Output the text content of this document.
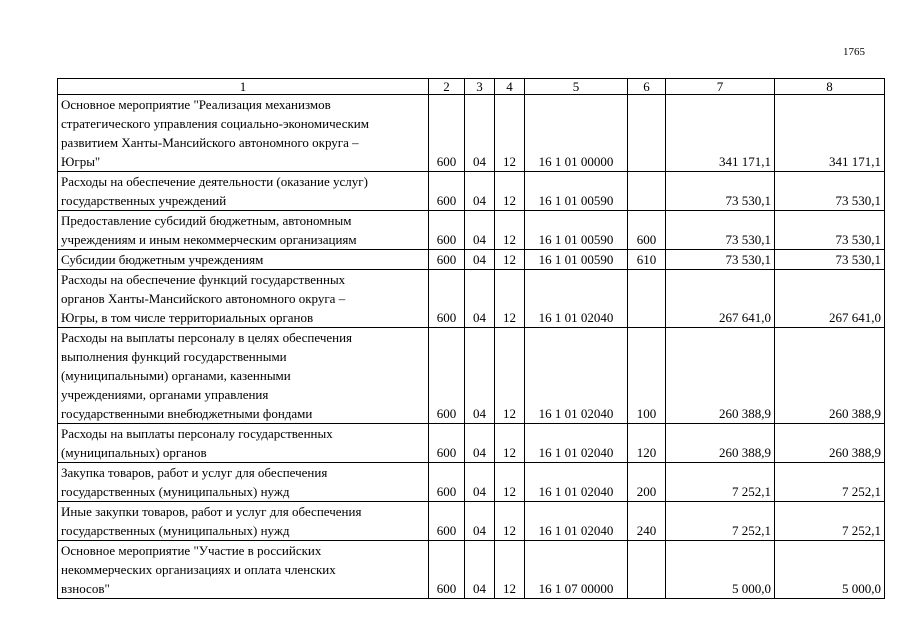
1765
1	2	3	4	5	6	7	8
Основное мероприятие "Реализация механизмов
стратегического управления социально-экономическим
развитием Ханты-Мансийского автономного округа –
Югры"	600	04	12	16 1 01 00000		341 171,1	341 171,1
Расходы на обеспечение деятельности (оказание услуг)
государственных учреждений	600	04	12	16 1 01 00590		73 530,1	73 530,1
Предоставление субсидий бюджетным, автономным
учреждениям и иным некоммерческим организациям	600	04	12	16 1 01 00590	600	73 530,1	73 530,1
Субсидии бюджетным учреждениям	600	04	12	16 1 01 00590	610	73 530,1	73 530,1
Расходы на обеспечение функций государственных
органов Ханты-Мансийского автономного округа –
Югры, в том числе территориальных органов	600	04	12	16 1 01 02040		267 641,0	267 641,0
Расходы на выплаты персоналу в целях обеспечения
выполнения функций государственными
(муниципальными) органами, казенными
учреждениями, органами управления
государственными внебюджетными фондами	600	04	12	16 1 01 02040	100	260 388,9	260 388,9
Расходы на выплаты персоналу государственных
(муниципальных) органов	600	04	12	16 1 01 02040	120	260 388,9	260 388,9
Закупка товаров, работ и услуг для обеспечения
государственных (муниципальных) нужд	600	04	12	16 1 01 02040	200	7 252,1	7 252,1
Иные закупки товаров, работ и услуг для обеспечения
государственных (муниципальных) нужд	600	04	12	16 1 01 02040	240	7 252,1	7 252,1
Основное мероприятие "Участие в российских
некоммерческих организациях и оплата членских
взносов"	600	04	12	16 1 07 00000		5 000,0	5 000,0
